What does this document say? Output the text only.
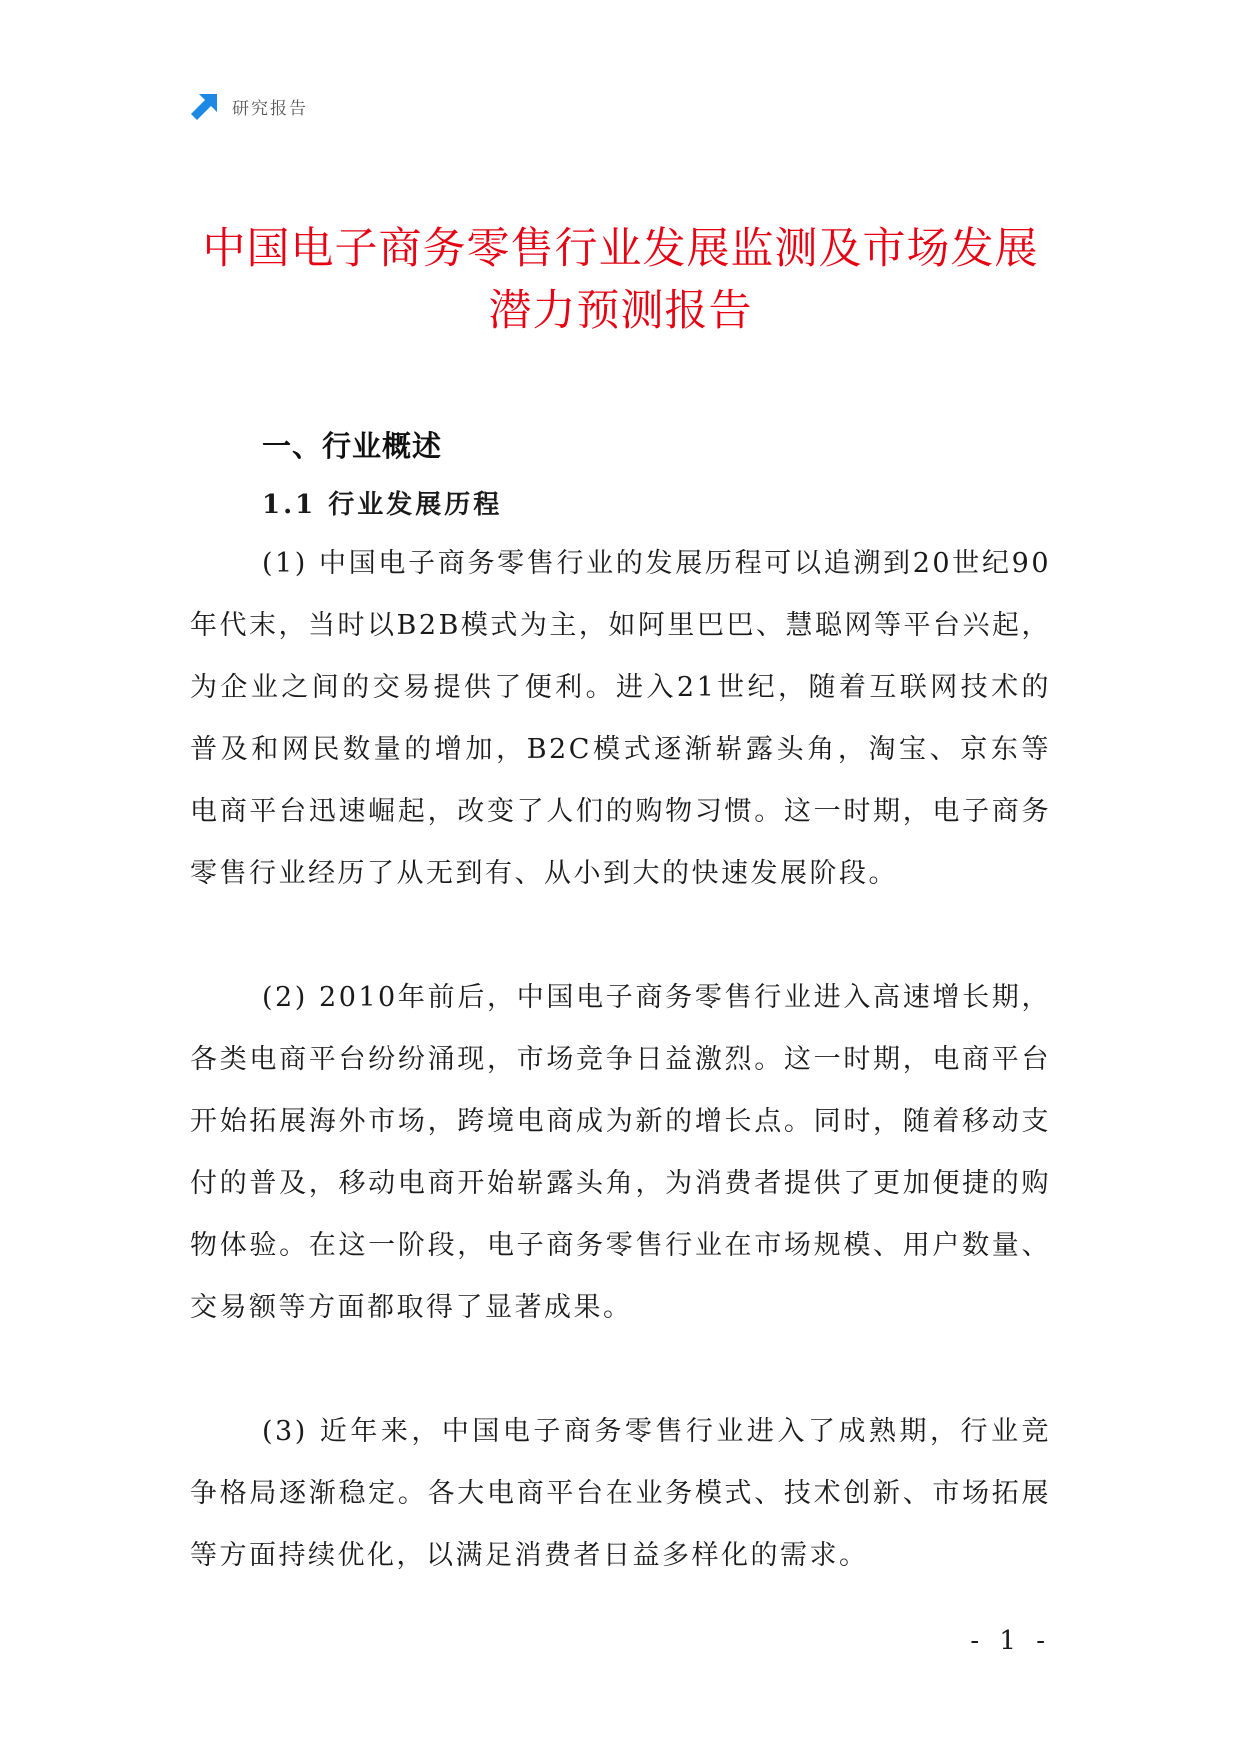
研究报告
中国电子商务零售行业发展监测及市场发展潜力预测报告
一、行业概述
1.1 行业发展历程

(1) 中国电子商务零售行业的发展历程可以追溯到20世纪90年代末，当时以B2B模式为主，如阿里巴巴、慧聪网等平台兴起，为企业之间的交易提供了便利。进入21世纪，随着互联网技术的普及和网民数量的增加，B2C模式逐渐崭露头角，淘宝、京东等电商平台迅速崛起，改变了人们的购物习惯。这一时期，电子商务零售行业经历了从无到有、从小到大的快速发展阶段。

(2) 2010年前后，中国电子商务零售行业进入高速增长期，各类电商平台纷纷涌现，市场竞争日益激烈。这一时期，电商平台开始拓展海外市场，跨境电商成为新的增长点。同时，随着移动支付的普及，移动电商开始崭露头角，为消费者提供了更加便捷的购物体验。在这一阶段，电子商务零售行业在市场规模、用户数量、交易额等方面都取得了显著成果。

(3) 近年来，中国电子商务零售行业进入了成熟期，行业竞争格局逐渐稳定。各大电商平台在业务模式、技术创新、市场拓展等方面持续优化，以满足消费者日益多样化的需求。

- 1 -
